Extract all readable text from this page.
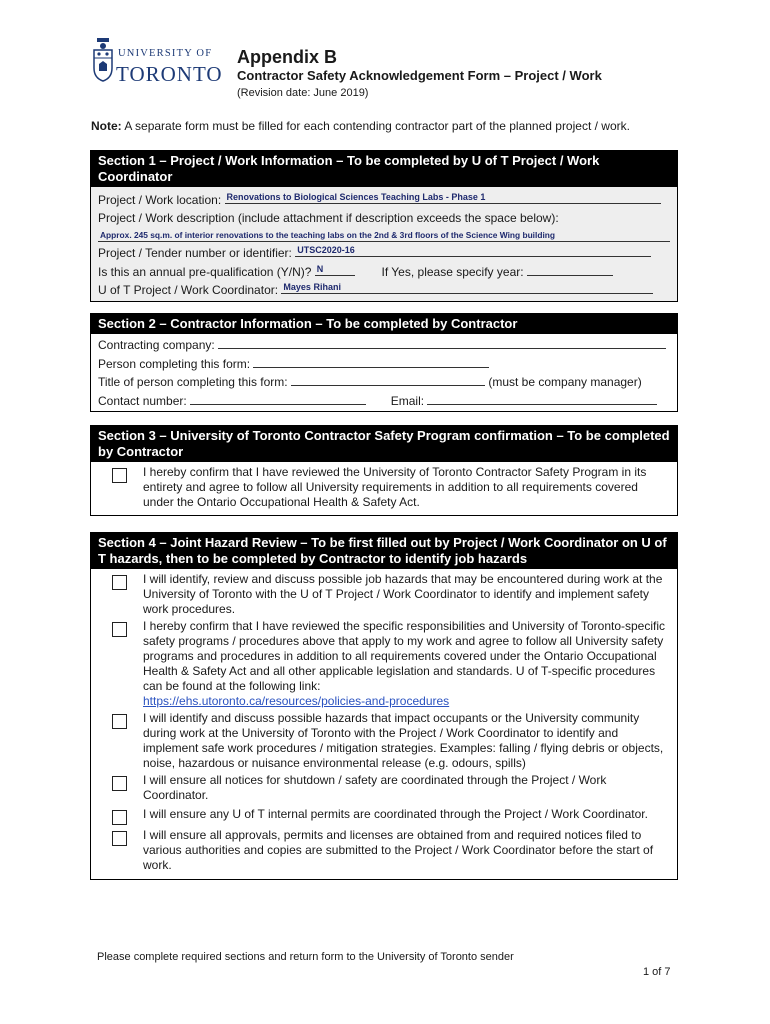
UNIVERSITY OF
TORONTO
Appendix B
Contractor Safety Acknowledgement Form – Project / Work
(Revision date: June 2019)
Note: A separate form must be filled for each contending contractor part of the planned project / work.
Section 1 – Project / Work Information – To be completed by U of T Project / Work Coordinator
Project / Work location: Renovations to Biological Sciences Teaching Labs - Phase 1
Project / Work description (include attachment if description exceeds the space below):
Approx. 245 sq.m. of interior renovations to the teaching labs on the 2nd & 3rd floors of the Science Wing building
Project / Tender number or identifier: UTSC2020-16
Is this an annual pre-qualification (Y/N)? N	If Yes, please specify year:
U of T Project / Work Coordinator: Mayes Rihani
Section 2 – Contractor Information – To be completed by Contractor
Contracting company:
Person completing this form:
Title of person completing this form:	(must be company manager)
Contact number:	Email:
Section 3 – University of Toronto Contractor Safety Program confirmation – To be completed by Contractor
I hereby confirm that I have reviewed the University of Toronto Contractor Safety Program in its entirety and agree to follow all University requirements in addition to all requirements covered under the Ontario Occupational Health & Safety Act.
Section 4 – Joint Hazard Review – To be first filled out by Project / Work Coordinator on U of T hazards, then to be completed by Contractor to identify job hazards
I will identify, review and discuss possible job hazards that may be encountered during work at the University of Toronto with the U of T Project / Work Coordinator to identify and implement safety work procedures.
I hereby confirm that I have reviewed the specific responsibilities and University of Toronto-specific safety programs / procedures above that apply to my work and agree to follow all University safety programs and procedures in addition to all requirements covered under the Ontario Occupational Health & Safety Act and all other applicable legislation and standards. U of T-specific procedures can be found at the following link:
https://ehs.utoronto.ca/resources/policies-and-procedures
I will identify and discuss possible hazards that impact occupants or the University community during work at the University of Toronto with the Project / Work Coordinator to identify and implement safe work procedures / mitigation strategies. Examples: falling / flying debris or objects, noise, hazardous or nuisance environmental release (e.g. odours, spills)
I will ensure all notices for shutdown / safety are coordinated through the Project / Work Coordinator.
I will ensure any U of T internal permits are coordinated through the Project / Work Coordinator.
I will ensure all approvals, permits and licenses are obtained from and required notices filed to various authorities and copies are submitted to the Project / Work Coordinator before the start of work.
Please complete required sections and return form to the University of Toronto sender
1 of 7
